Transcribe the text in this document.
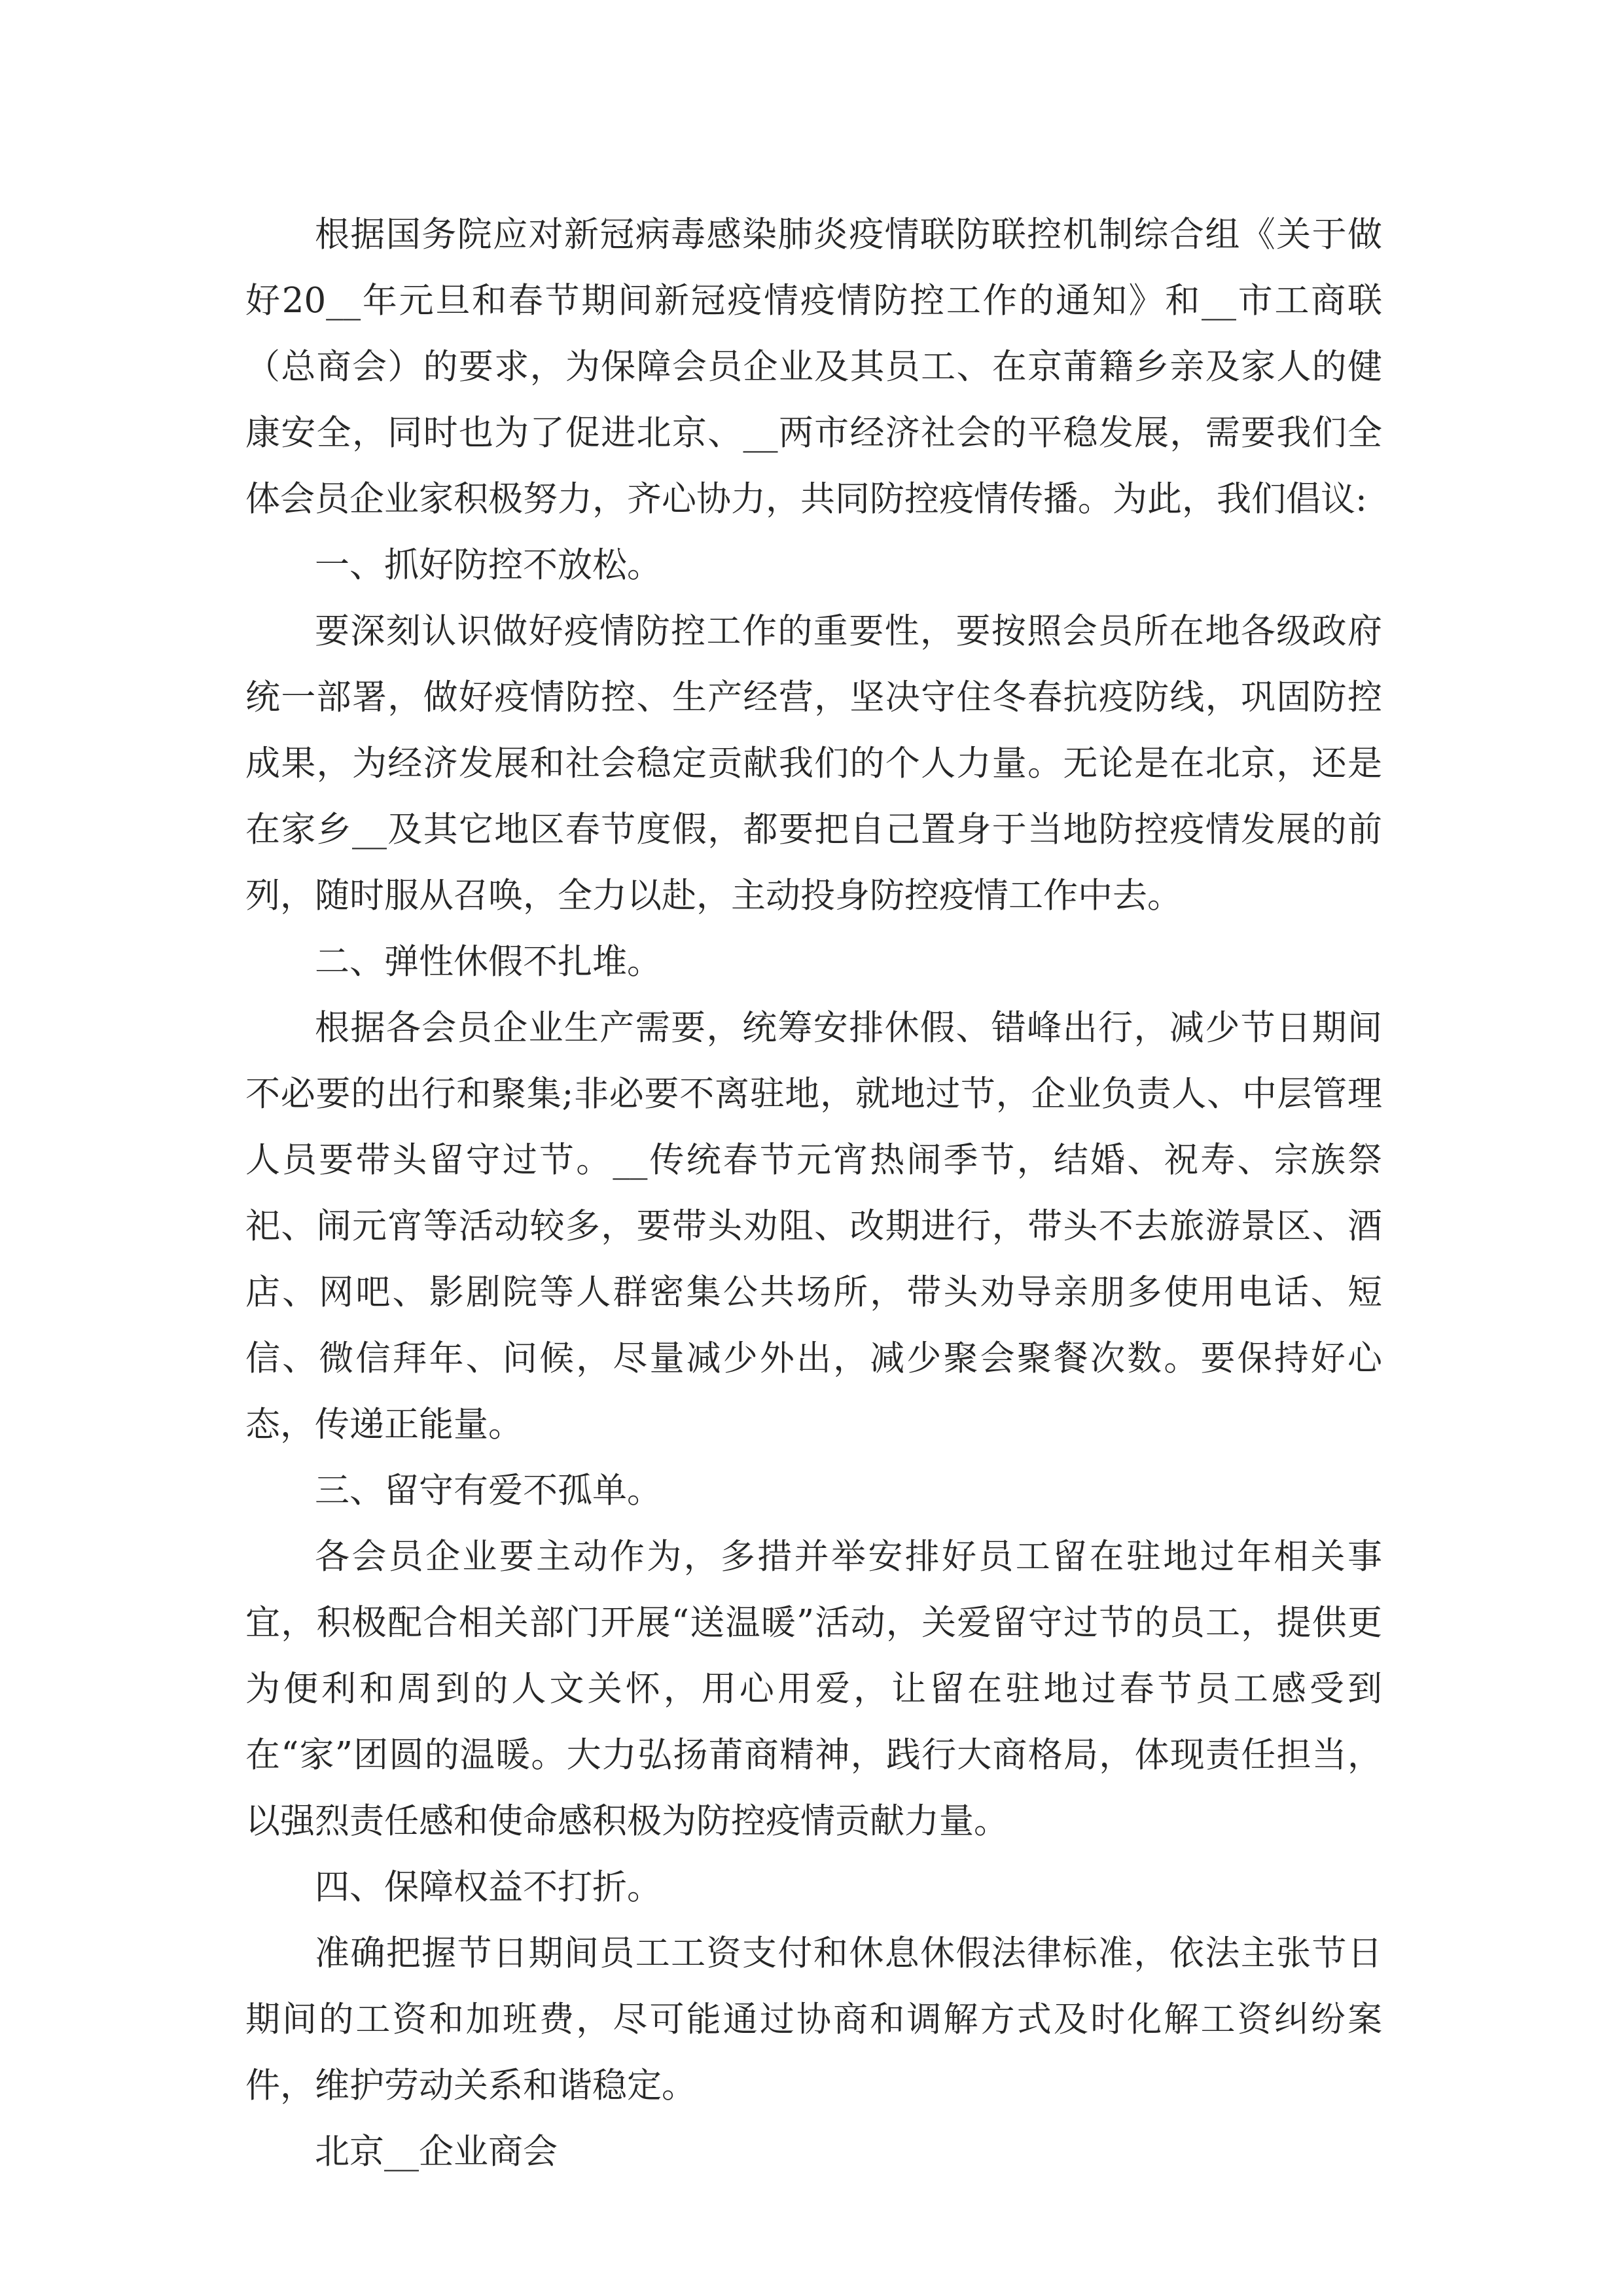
根据国务院应对新冠病毒感染肺炎疫情联防联控机制综合组《关于做好20__年元旦和春节期间新冠疫情疫情防控工作的通知》和__市工商联（总商会）的要求，为保障会员企业及其员工、在京莆籍乡亲及家人的健康安全，同时也为了促进北京、__两市经济社会的平稳发展，需要我们全体会员企业家积极努力，齐心协力，共同防控疫情传播。为此，我们倡议:

一、抓好防控不放松。

要深刻认识做好疫情防控工作的重要性，要按照会员所在地各级政府统一部署，做好疫情防控、生产经营，坚决守住冬春抗疫防线，巩固防控成果，为经济发展和社会稳定贡献我们的个人力量。无论是在北京，还是在家乡__及其它地区春节度假，都要把自己置身于当地防控疫情发展的前列，随时服从召唤，全力以赴，主动投身防控疫情工作中去。

二、弹性休假不扎堆。

根据各会员企业生产需要，统筹安排休假、错峰出行，减少节日期间不必要的出行和聚集;非必要不离驻地，就地过节，企业负责人、中层管理人员要带头留守过节。__传统春节元宵热闹季节，结婚、祝寿、宗族祭祀、闹元宵等活动较多，要带头劝阻、改期进行，带头不去旅游景区、酒店、网吧、影剧院等人群密集公共场所，带头劝导亲朋多使用电话、短信、微信拜年、问候，尽量减少外出，减少聚会聚餐次数。要保持好心态，传递正能量。

三、留守有爱不孤单。

各会员企业要主动作为，多措并举安排好员工留在驻地过年相关事宜，积极配合相关部门开展“送温暖”活动，关爱留守过节的员工，提供更为便利和周到的人文关怀，用心用爱，让留在驻地过春节员工感受到在“家”团圆的温暖。大力弘扬莆商精神，践行大商格局，体现责任担当，以强烈责任感和使命感积极为防控疫情贡献力量。

四、保障权益不打折。

准确把握节日期间员工工资支付和休息休假法律标准，依法主张节日期间的工资和加班费，尽可能通过协商和调解方式及时化解工资纠纷案件，维护劳动关系和谐稳定。

北京__企业商会
